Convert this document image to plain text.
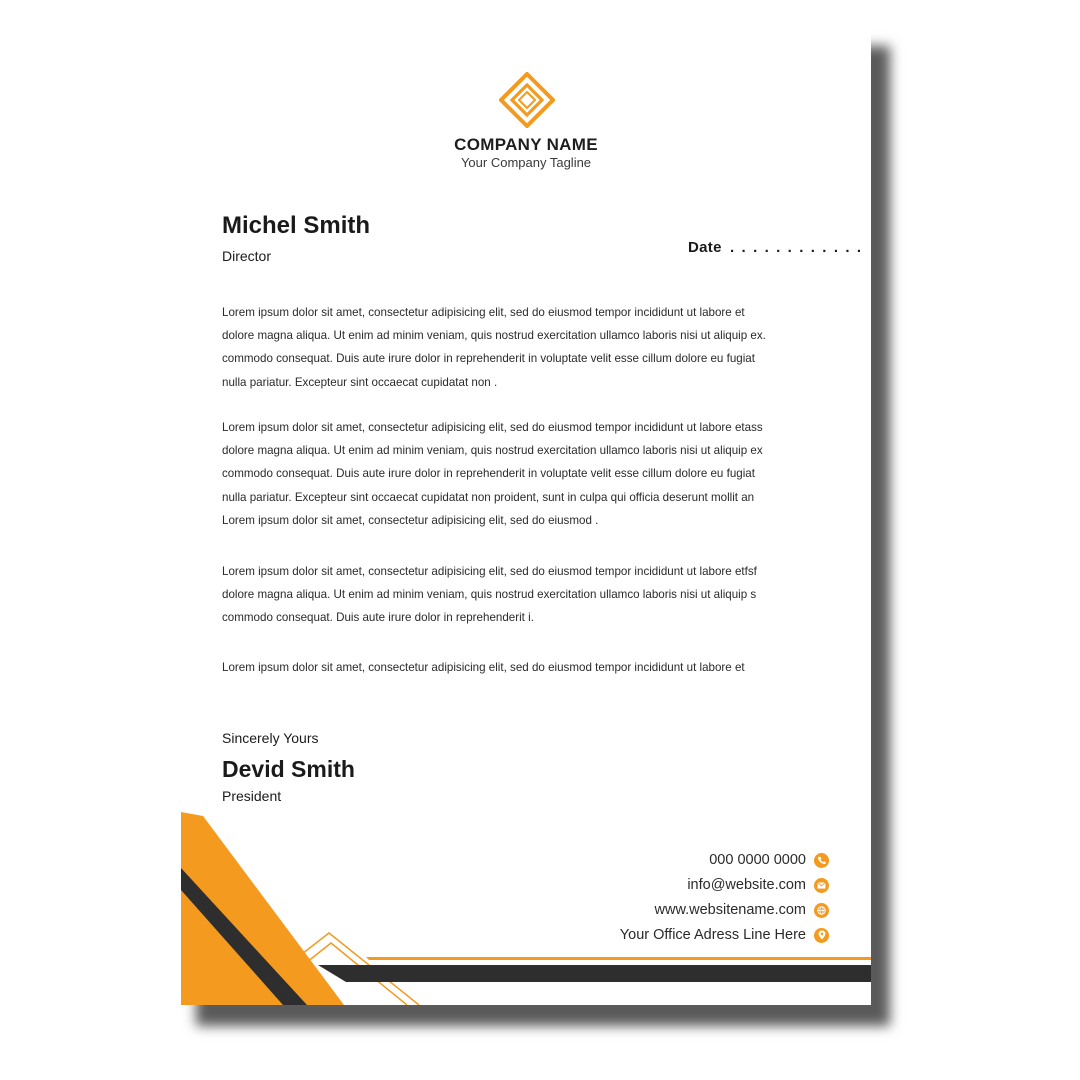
COMPANY NAME
Your Company Tagline
Michel Smith
Director	Date . . . . . . . . . . . .
Lorem ipsum dolor sit amet, consectetur adipisicing elit, sed do eiusmod tempor incididunt ut labore et
dolore magna aliqua. Ut enim ad minim veniam, quis nostrud exercitation ullamco laboris nisi ut aliquip ex.
commodo consequat. Duis aute irure dolor in reprehenderit in voluptate velit esse cillum dolore eu fugiat
nulla pariatur. Excepteur sint occaecat cupidatat non .
Lorem ipsum dolor sit amet, consectetur adipisicing elit, sed do eiusmod tempor incididunt ut labore etass
dolore magna aliqua. Ut enim ad minim veniam, quis nostrud exercitation ullamco laboris nisi ut aliquip ex
commodo consequat. Duis aute irure dolor in reprehenderit in voluptate velit esse cillum dolore eu fugiat
nulla pariatur. Excepteur sint occaecat cupidatat non proident, sunt in culpa qui officia deserunt mollit an
Lorem ipsum dolor sit amet, consectetur adipisicing elit, sed do eiusmod .
Lorem ipsum dolor sit amet, consectetur adipisicing elit, sed do eiusmod tempor incididunt ut labore etfsf
dolore magna aliqua. Ut enim ad minim veniam, quis nostrud exercitation ullamco laboris nisi ut aliquip s
commodo consequat. Duis aute irure dolor in reprehenderit i.
Lorem ipsum dolor sit amet, consectetur adipisicing elit, sed do eiusmod tempor incididunt ut labore et
Sincerely Yours
Devid Smith
President
000 0000 0000
info@website.com
www.websitename.com
Your Office Adress Line Here
